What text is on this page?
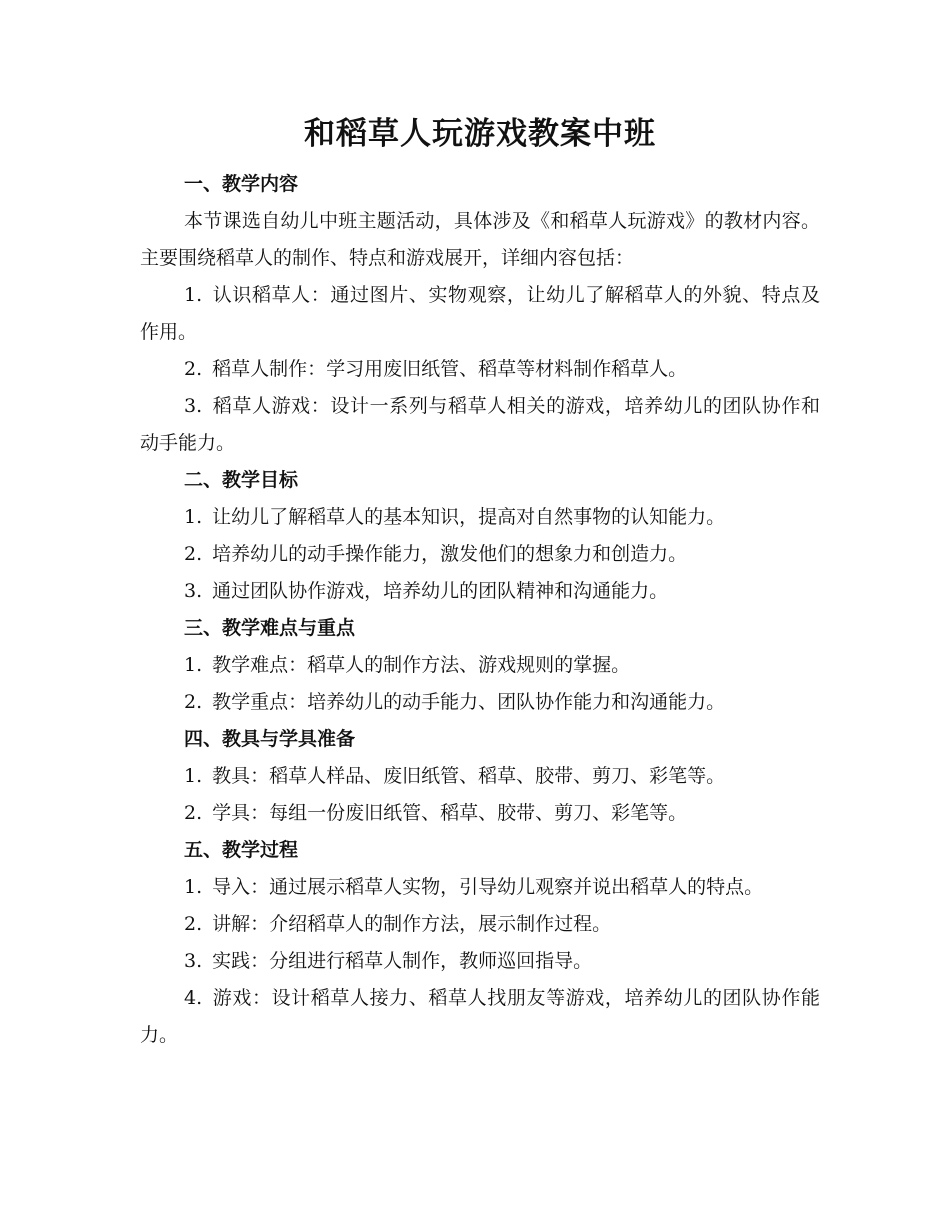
和稻草人玩游戏教案中班
一、教学内容

本节课选自幼儿中班主题活动，具体涉及《和稻草人玩游戏》的教材内容。主要围绕稻草人的制作、特点和游戏展开，详细内容包括：

1. 认识稻草人：通过图片、实物观察，让幼儿了解稻草人的外貌、特点及作用。

2. 稻草人制作：学习用废旧纸管、稻草等材料制作稻草人。

3. 稻草人游戏：设计一系列与稻草人相关的游戏，培养幼儿的团队协作和动手能力。

二、教学目标

1. 让幼儿了解稻草人的基本知识，提高对自然事物的认知能力。

2. 培养幼儿的动手操作能力，激发他们的想象力和创造力。

3. 通过团队协作游戏，培养幼儿的团队精神和沟通能力。

三、教学难点与重点

1. 教学难点：稻草人的制作方法、游戏规则的掌握。

2. 教学重点：培养幼儿的动手能力、团队协作能力和沟通能力。

四、教具与学具准备

1. 教具：稻草人样品、废旧纸管、稻草、胶带、剪刀、彩笔等。

2. 学具：每组一份废旧纸管、稻草、胶带、剪刀、彩笔等。

五、教学过程

1. 导入：通过展示稻草人实物，引导幼儿观察并说出稻草人的特点。

2. 讲解：介绍稻草人的制作方法，展示制作过程。

3. 实践：分组进行稻草人制作，教师巡回指导。

4. 游戏：设计稻草人接力、稻草人找朋友等游戏，培养幼儿的团队协作能力。
